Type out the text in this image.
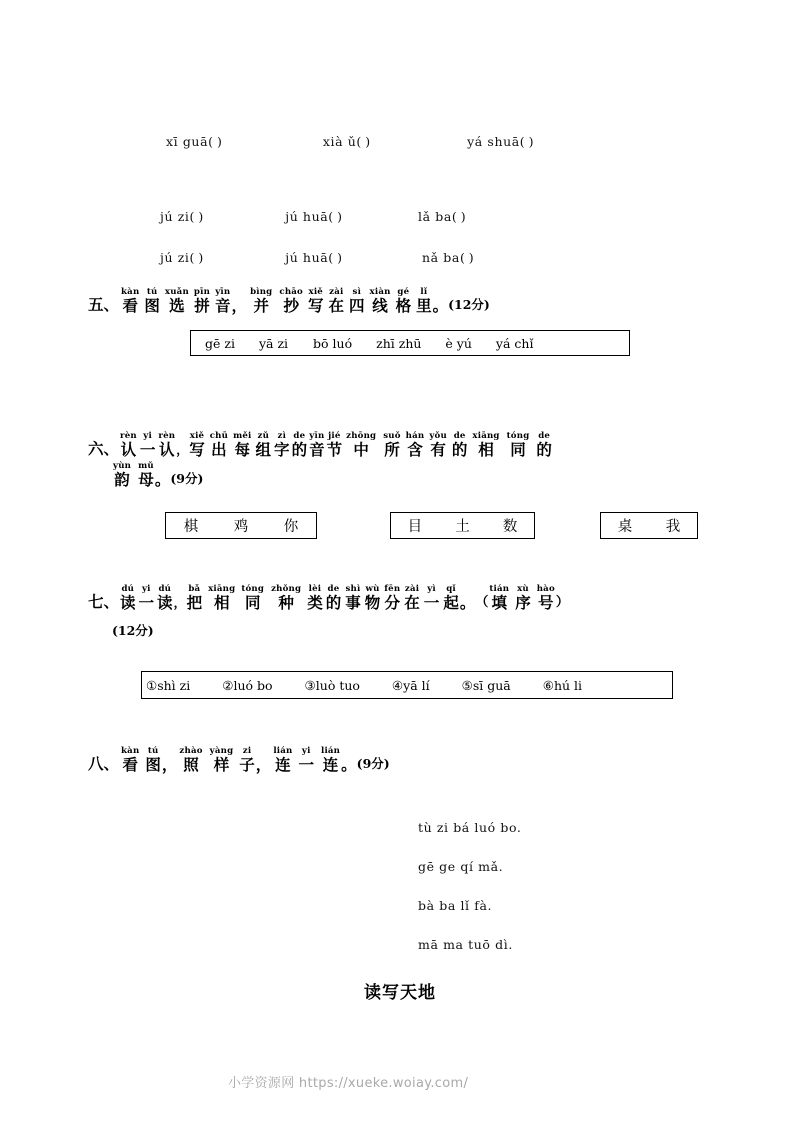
xī guā( )	xià ǔ( )	yá shuā( )
jú zi( )	jú huā( )	lǎ ba( )
jú zi( )	jú huā( )	nǎ ba( )
五、
kàn
看
tú
图
xuǎn
选
pīn
拼
yīn
音 ，
bìng
并
chāo
抄
xiě
写
zài
在
sì
四
xiàn
线
gé
格
lǐ
里 。 (12分)
gē zi yā zi bō luó zhī zhū è yú yá chǐ
六、
rèn
认
yi
一
rèn
认 ，
xiě
写
chū
出
měi
每
zǔ
组
zì
字
de
的
yīn
音
jié
节
zhōng
中
suǒ
所
hán
含
yǒu
有
de
的
xiāng
相
tóng
同
de
的
yùn
韵
mǔ
母 。 (9分)
棋 鸡 你	目 土 数	桌 我
七、
dú
读
yi
一
dú
读 ，
bǎ
把
xiāng
相
tóng
同
zhǒng
种
lèi
类
de
的
shì
事
wù
物
fēn
分
zài
在
yì
一
qǐ
起 。 （
tián
填
xù
序
hào
号 ）
(12分)
①shì zi	②luó bo	③luò tuo	④yā lí	⑤sī guā	⑥hú li
八、
kàn
看
tú
图 ，
zhào
照
yàng
样
zi
子 ，
lián
连
yi
一
lián
连 。 (9分)
tù zi bá luó bo.
gē ge qí mǎ.
bà ba lǐ fà.
mā ma tuō dì.
读写天地
小学资源网 https://xueke.woiay.com/
